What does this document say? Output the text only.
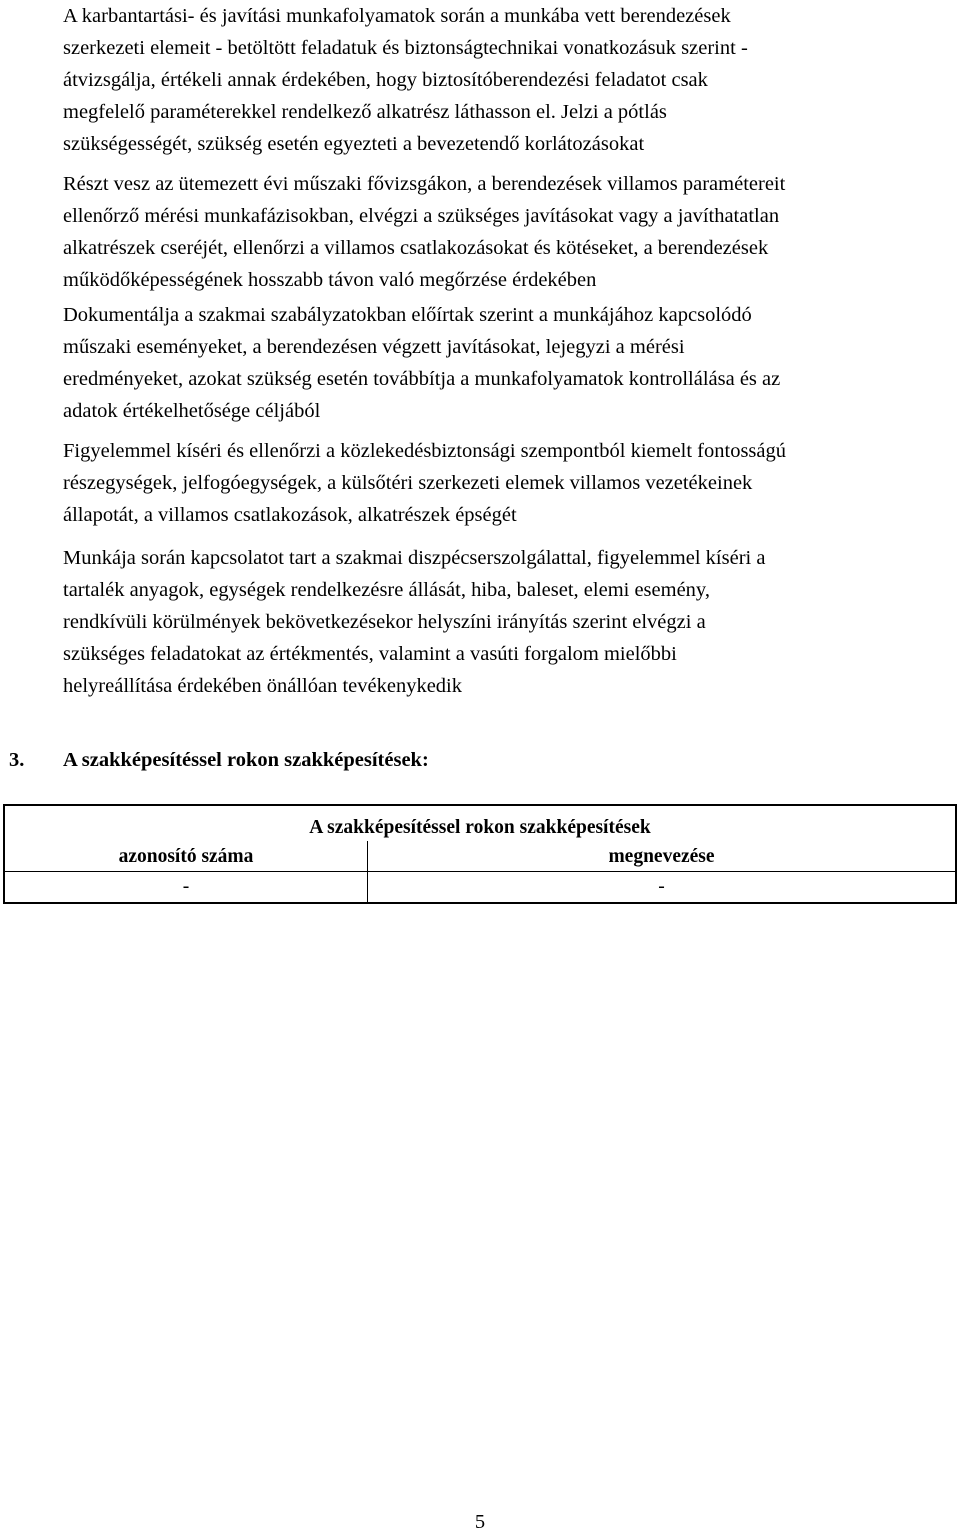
A karbantartási- és javítási munkafolyamatok során a munkába vett berendezések
szerkezeti elemeit - betöltött feladatuk és biztonságtechnikai vonatkozásuk szerint -
átvizsgálja, értékeli annak érdekében, hogy biztosítóberendezési feladatot csak
megfelelő paraméterekkel rendelkező alkatrész láthasson el. Jelzi a pótlás
szükségességét, szükség esetén egyezteti a bevezetendő korlátozásokat
Részt vesz az ütemezett évi műszaki fővizsgákon, a berendezések villamos paramétereit
ellenőrző mérési munkafázisokban, elvégzi a szükséges javításokat vagy a javíthatatlan
alkatrészek cseréjét, ellenőrzi a villamos csatlakozásokat és kötéseket, a berendezések
működőképességének hosszabb távon való megőrzése érdekében
Dokumentálja a szakmai szabályzatokban előírtak szerint a munkájához kapcsolódó
műszaki eseményeket, a berendezésen végzett javításokat, lejegyzi a mérési
eredményeket, azokat szükség esetén továbbítja a munkafolyamatok kontrollálása és az
adatok értékelhetősége céljából
Figyelemmel kíséri és ellenőrzi a közlekedésbiztonsági szempontból kiemelt fontosságú
részegységek, jelfogóegységek, a külsőtéri szerkezeti elemek villamos vezetékeinek
állapotát, a villamos csatlakozások, alkatrészek épségét
Munkája során kapcsolatot tart a szakmai diszpécserszolgálattal, figyelemmel kíséri a
tartalék anyagok, egységek rendelkezésre állását, hiba, baleset, elemi esemény,
rendkívüli körülmények bekövetkezésekor helyszíni irányítás szerint elvégzi a
szükséges feladatokat az értékmentés, valamint a vasúti forgalom mielőbbi
helyreállítása érdekében önállóan tevékenykedik
3. A szakképesítéssel rokon szakképesítések:
A szakképesítéssel rokon szakképesítések	
azonosító száma	megnevezése
-	-
5
